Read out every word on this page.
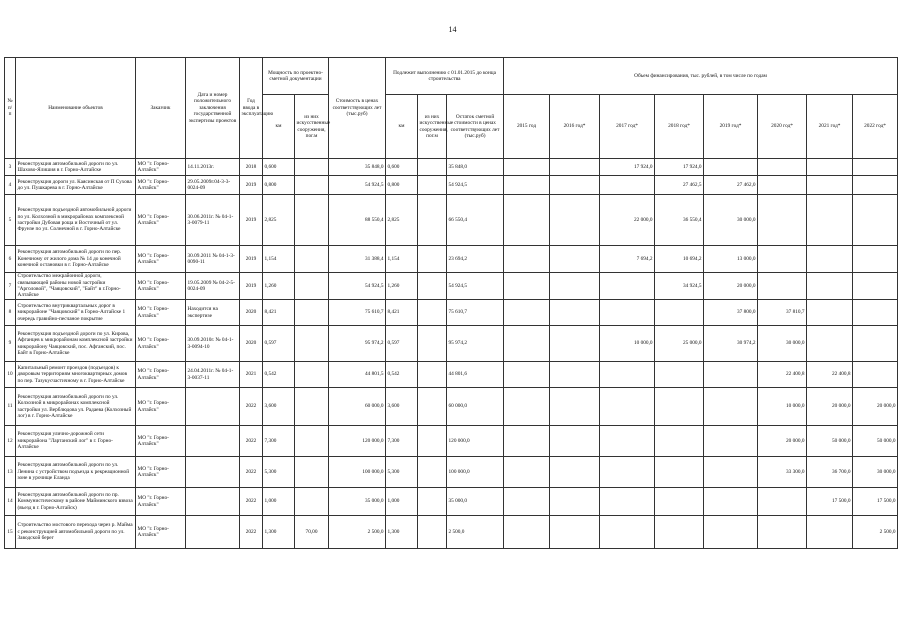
14
№
п/п	Наименование объектов	Заказчик	Дата и номер положительного заключения государственной экспертизы проектов	Год ввода в эксплуатацию	Мощность по проектно-сметной документации		Стоимость в ценах соответствующих лет (тыс.руб)	Подлежит выполнению с 01.01.2015 до конца строительства			Объем финансирования, тыс. рублей, в том числе по годам							
					км	из них искусственные сооружения, пог.м		км	из них искусственные сооружения, пог.м	Остаток сметной стоимости в ценах соответствующих лет (тыс.руб)	2015 год	2016 год*	2017 год*	2018 год*	2019 год*	2020 год*	2021 год*	2022 год*
3	Реконструкция автомобильной дороги по ул. Шахово-Ялишия в г. Горно-Алтайске	МО "г. Горно-Алтайск"	14.11.2013г.	2018	0,600		35 848,0	0,600		35 848,0			17 924,0	17 924,0				
4	Реконструкция дороги ул. Каясинская от П Сухова до ул. Пушкарева в г. Горно-Алтайске	МО "г. Горно-Алтайск"	29.05.2009г.04-3-3-0024-09	2019	0,800		54 924,5	0,800		54 924,5				27 462,5	27 462,0			
5	Реконструкция подъездной автомобильной дороги по ул. Колхозной в микрорайонах комплексной застройки Дубовая роща и Восточный от ул. Фрунзе по ул. Солнечной в г. Горно-Алтайске	МО "г. Горно-Алтайск"	30.06.2011г. № 04-1-3-0079-11	2019	2,825		88 550,4	2,825		66 550,4			22 000,0	36 550,4	30 000,0			
6	Реконструкция автомобильной дороги по пер. Конечному от жилого дома № 14 до конечной конечной остановки в г. Горно-Алтайске	МО "г. Горно-Алтайск"	30.09.2011 № 04-1-3-0090-11	2019	1,154		31 388,4	1,154		23 694,2			7 694,2	10 694,2	13 000,0			
7	Строительство межрайонной дороги, связывающей районы новой застройки "Арголовой", "Чаяцовский", "Байт" в г.Горно-Алтайске	МО "г. Горно-Алтайск"	19.05.2009 № 04-2-5-0024-09	2019	1,260		54 924,5	1,260		54 924,5				34 924,5	20 000,0			
8	Строительство внутриквартальных дорог в микрорайоне "Чаяцовский" в Горно-Алтайске 1 очередь гравийно-песчаное покрытие	МО "г. Горно-Алтайск"	Находится на экспертизе	2020	8,421		75 610,7	8,421		75 610,7					37 800,0	37 810,7		
9	Реконструкция подъездной дороги по ул. Кирова, Афганцев к микрорайонам комплексной застройки микрорайону Чаяцовский, пос. Афганский, пос. Байт в Горно-Алтайске	МО "г. Горно-Алтайск"	30.09.2010г. № 04-1-3-0094-10	2020	0,597		95 974,2	0,597		95 974,2			10 000,0	25 000,0	30 974,2	30 000,0		
10	Капитальный ремонт проездов (подъездов) к дворовым территориям многоквартирных домов по пер. Тазукусчастичному в г. Горно-Алтайске	МО "г. Горно-Алтайск"	24.04.2011г. № 04-1-3-0037-11	2021	0,542		44 801,5	0,542		44 801,6						22 400,8	22 400,8	
11	Реконструкция автомобильной дороги по ул. Колхозной в микрорайонах комплексной застройки ул. Верблюдова ул. Радаева (Колхозный лог) в г. Горно-Алтайске	МО "г. Горно-Алтайск"		2022	3,600		60 000,0	3,600		60 000,0						10 000,0	20 000,0	20 000,0
12	Реконструкция улично-дорожной сети микрорайона "Лартанский лог" в г. Горно-Алтайске	МО "г. Горно-Алтайск"		2022	7,300		120 000,0	7,300		120 000,0						20 000,0	50 000,0	50 000,0
13	Реконструкция автомобильной дороги по ул. Ленина с устройством подъезда к рекреационной зоне в урочище Еланда	МО "г. Горно-Алтайск"		2022	5,300		100 000,0	5,300		100 000,0						33 300,0	36 700,0	30 000,0
14	Реконструкция автомобильной дороги по пр. Коммунистическому в районе Майминского взвоза (въезд в г. Горно-Алтайск)	МО "г. Горно-Алтайск"		2022	1,000		35 000,0	1,000		35 000,0							17 500,0	17 500,0
15	Строительство мостового перехода через р. Майма с реконструкцией автомобильной дороги по ул. Заводской берег	МО "г. Горно-Алтайск"		2022	1,300	70,00	2 500,0	1,300		2 500,0								2 500,0
